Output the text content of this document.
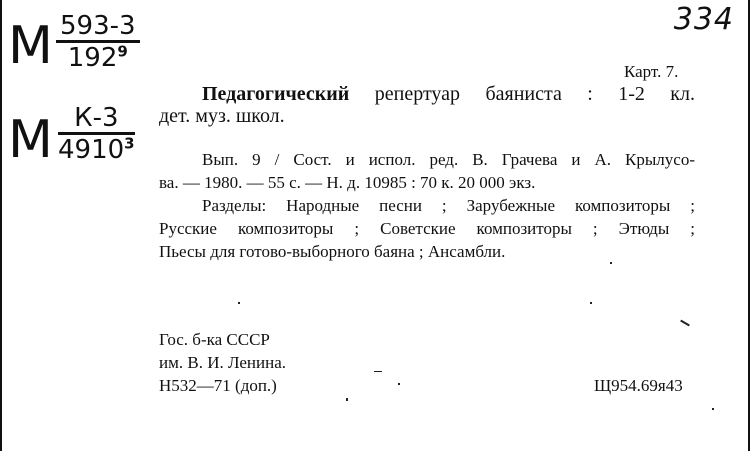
М $\frac{593-3}{192^9}$
М К-3
4910$^3$
334
Карт. 7.
Педагогический репертуар баяниста : 1-2 кл.
дет. муз. школ.
Вып. 9 / Сост. и испол. ред. В. Грачева и А. Крылусо-
ва. — 1980. — 55 с. — Н. д. 10985 : 70 к. 20 000 экз.
Разделы: Народные песни ; Зарубежные композиторы ;
Русские композиторы ; Советские композиторы ; Этюды ;
Пьесы для готово-выборного баяна ; Ансамбли.
Гос. б-ка СССР
им. В. И. Ленина.
Н532—71 (доп.)	Щ954.69я43
